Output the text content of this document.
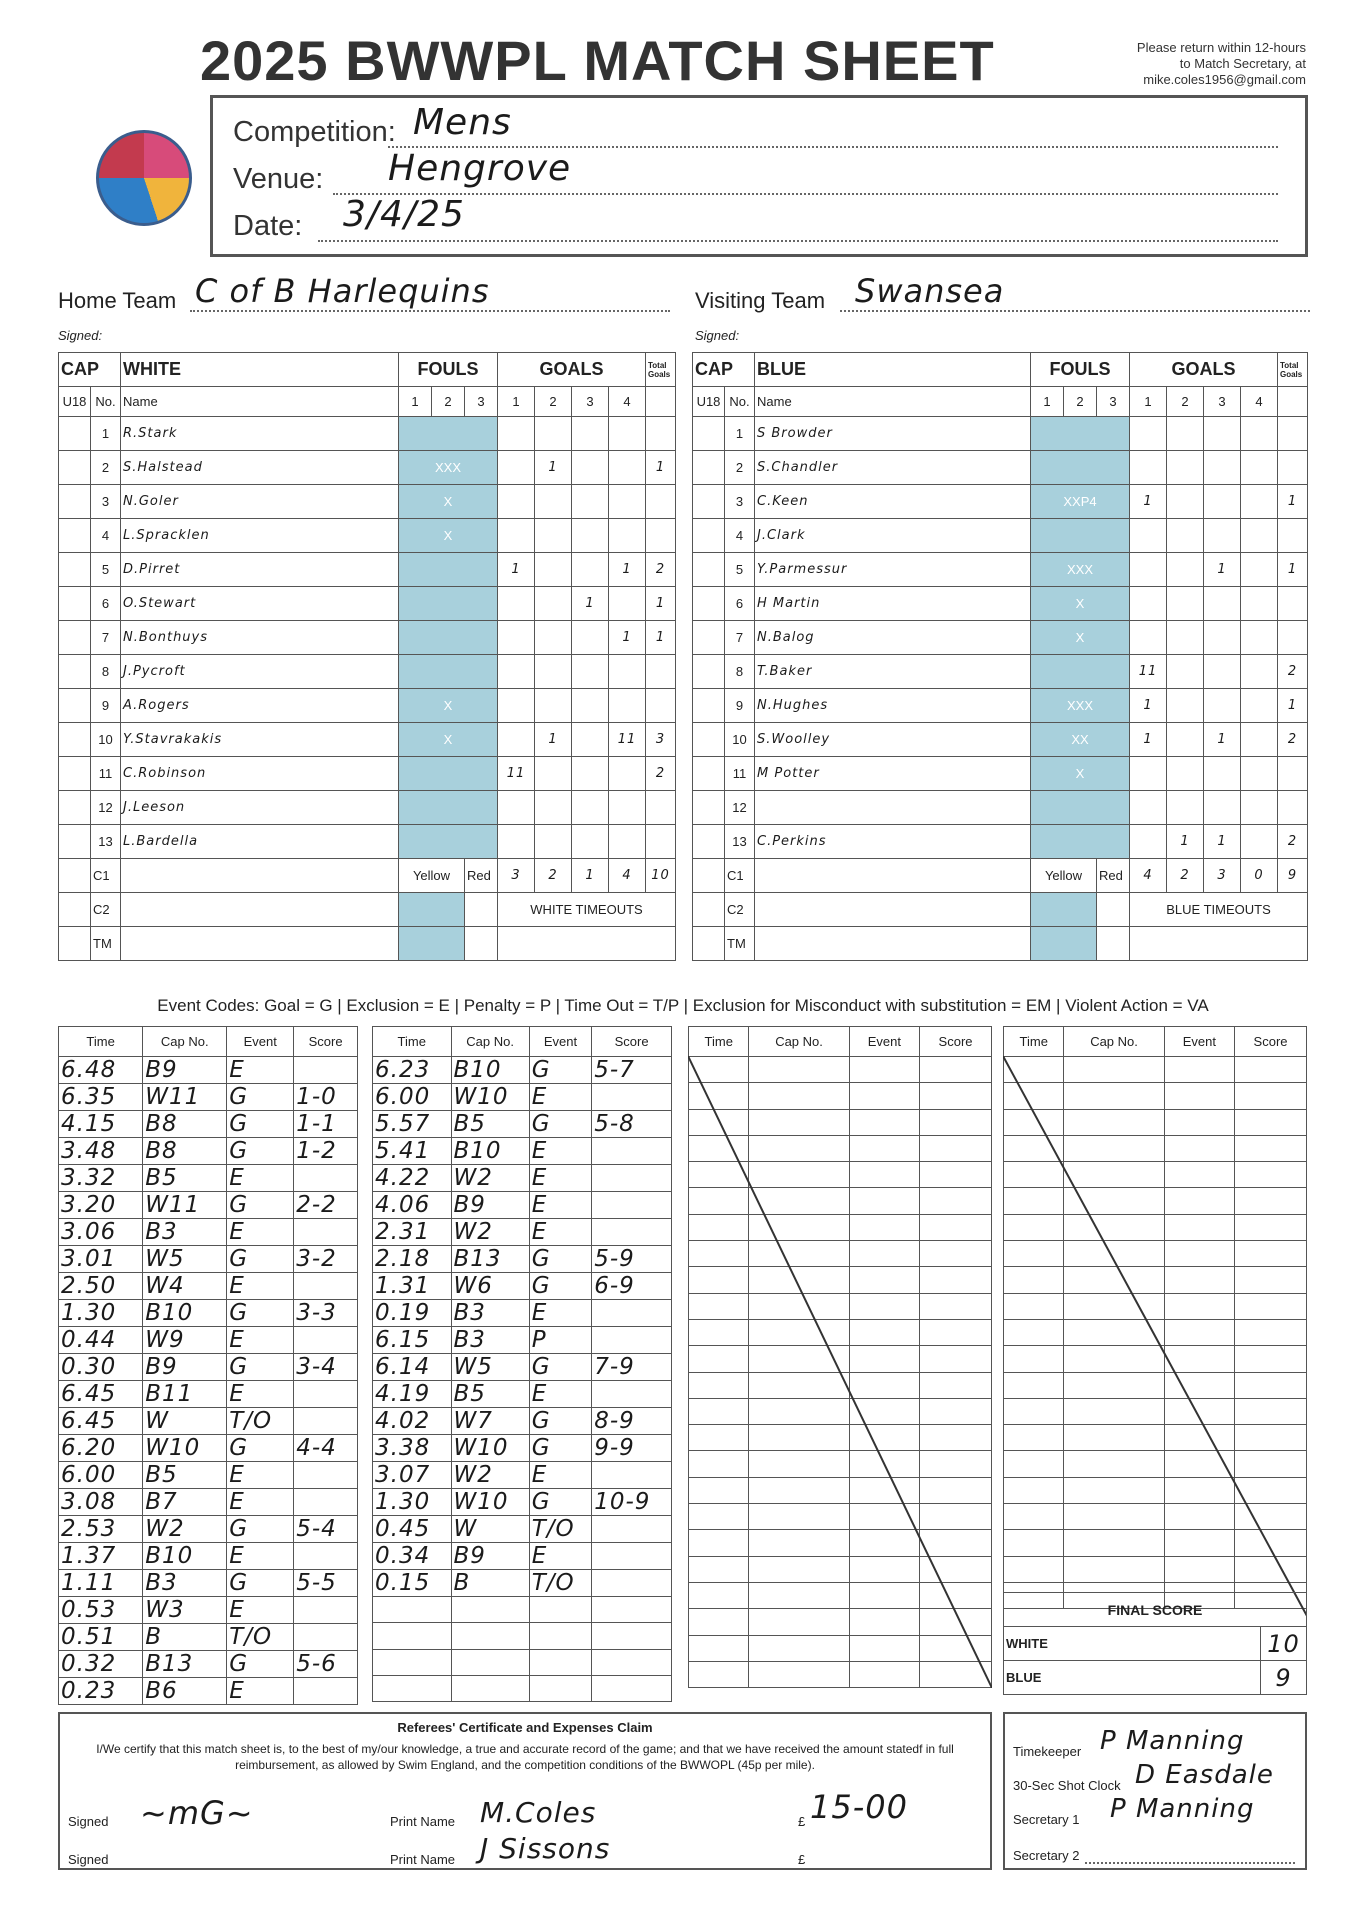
2025 BWWPL MATCH SHEET	Please return within 12-hours
to Match Secretary, at
mike.coles1956@gmail.com
Competition: Mens
Venue: Hengrove
Date: 3/4/25
Home Team C of B Harlequins
Signed:
Visiting Team Swansea
Signed:
CAP		WHITE	FOULS			GOALS				Total Goals
U18	No.	Name	1	2	3	1	2	3	4	
	1	R.Stark								
	2	S.Halstead	XXX				1			1
	3	N.Goler	X							
	4	L.Spracklen	X							
	5	D.Pirret				1			1	2
	6	O.Stewart						1		1
	7	N.Bonthuys							1	1
	8	J.Pycroft								
	9	A.Rogers	X							
	10	Y.Stavrakakis	X				1		11	3
	11	C.Robinson				11				2
	12	J.Leeson								
	13	L.Bardella								
	C1		Yellow		Red	3	2	1	4	10
	C2					WHITE TIMEOUTS				
	TM									
CAP		BLUE	FOULS			GOALS				Total Goals
U18	No.	Name	1	2	3	1	2	3	4	
	1	S Browder								
	2	S.Chandler								
	3	C.Keen	XXP4			1				1
	4	J.Clark								
	5	Y.Parmessur	XXX					1		1
	6	H Martin	X							
	7	N.Balog	X							
	8	T.Baker				11				2
	9	N.Hughes	XXX			1				1
	10	S.Woolley	XX			1		1		2
	11	M Potter	X							
	12									
	13	C.Perkins					1	1		2
	C1		Yellow		Red	4	2	3	0	9
	C2					BLUE TIMEOUTS				
	TM									
Event Codes: Goal = G | Exclusion = E | Penalty = P | Time Out = T/P | Exclusion for Misconduct with substitution = EM | Violent Action = VA
Time	Cap No.	Event	Score
6.48	B9	E	
6.35	W11	G	1-0
4.15	B8	G	1-1
3.48	B8	G	1-2
3.32	B5	E	
3.20	W11	G	2-2
3.06	B3	E	
3.01	W5	G	3-2
2.50	W4	E	
1.30	B10	G	3-3
0.44	W9	E	
0.30	B9	G	3-4
6.45	B11	E	
6.45	W	T/O	
6.20	W10	G	4-4
6.00	B5	E	
3.08	B7	E	
2.53	W2	G	5-4
1.37	B10	E	
1.11	B3	G	5-5
0.53	W3	E	
0.51	B	T/O	
0.32	B13	G	5-6
0.23	B6	E	
Time	Cap No.	Event	Score
6.23	B10	G	5-7
6.00	W10	E	
5.57	B5	G	5-8
5.41	B10	E	
4.22	W2	E	
4.06	B9	E	
2.31	W2	E	
2.18	B13	G	5-9
1.31	W6	G	6-9
0.19	B3	E	
6.15	B3	P	
6.14	W5	G	7-9
4.19	B5	E	
4.02	W7	G	8-9
3.38	W10	G	9-9
3.07	W2	E	
1.30	W10	G	10-9
0.45	W	T/O	
0.34	B9	E	
0.15	B	T/O	

Time	Cap No.	Event	Score

				Time	Cap No.	Event	Score

FINAL SCORE	
WHITE	10
BLUE	9
Referees' Certificate and Expenses Claim
I/We certify that this match sheet is, to the best of my/our knowledge, a true and accurate record of the game; and that we have received the amount statedf in full reimbursement, as allowed by Swim England, and the competition conditions of the BWWOPL (45p per mile).
Signed ~mG~	Print Name M.Coles	£ 15-00
Signed	Print Name J Sissons	£
Timekeeper P Manning
30-Sec Shot Clock D Easdale
Secretary 1 P Manning
Secretary 2
